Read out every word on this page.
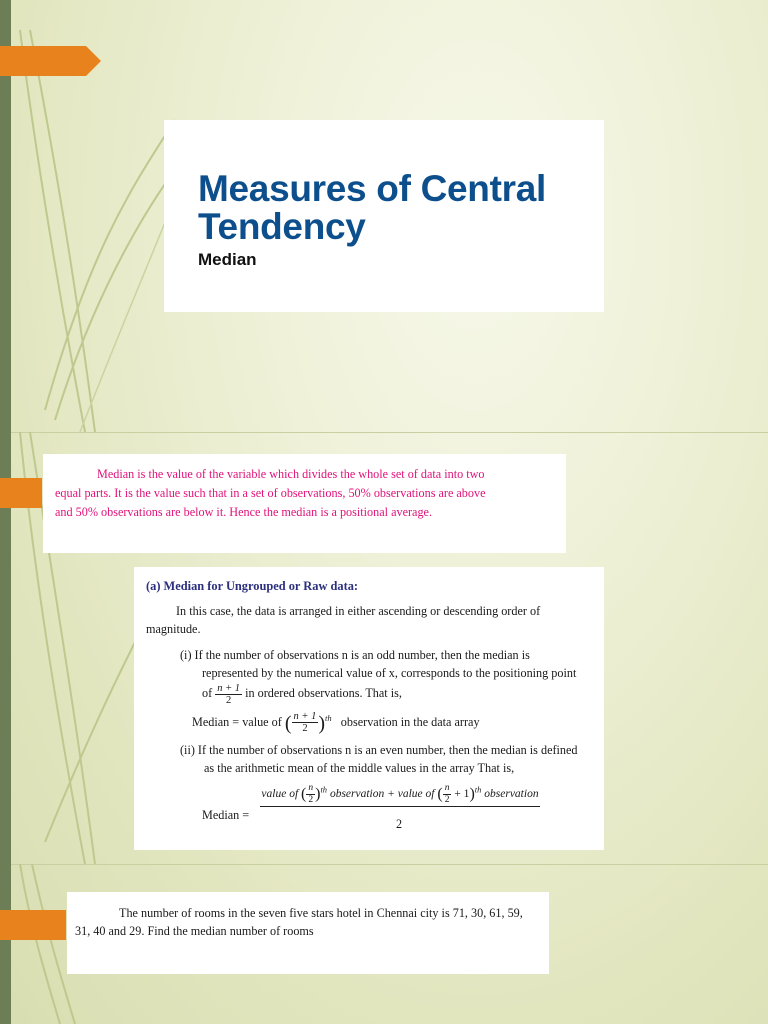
Measures of Central

Tendency

Median

Median is the value of the variable which divides the whole set of data into two

equal parts. It is the value such that in a set of observations, 50% observations are above

and 50% observations are below it. Hence the median is a positional average.

(a) Median for Ungrouped or Raw data:

In this case, the data is arranged in either ascending or descending order of

magnitude.

(i) If the number of observations n is an odd number, then the median is

represented by the numerical value of x, corresponds to the positioning point

of $\frac{n + 1}{2}$ in ordered observations. That is,

Median = value of ( $\frac{n + 1}{2} )^{th}$ observation in the data array

(ii) If the number of observations n is an even number, then the median is defined

as the arithmetic mean of the middle values in the array That is,

Median =
value of ( $\frac{n}{2} )^{th}$ observation + value of ( $\frac{n}{2} + 1)^{th}$ observation
2

The number of rooms in the seven five stars hotel in Chennai city is 71, 30, 61, 59,

31, 40 and 29. Find the median number of rooms
